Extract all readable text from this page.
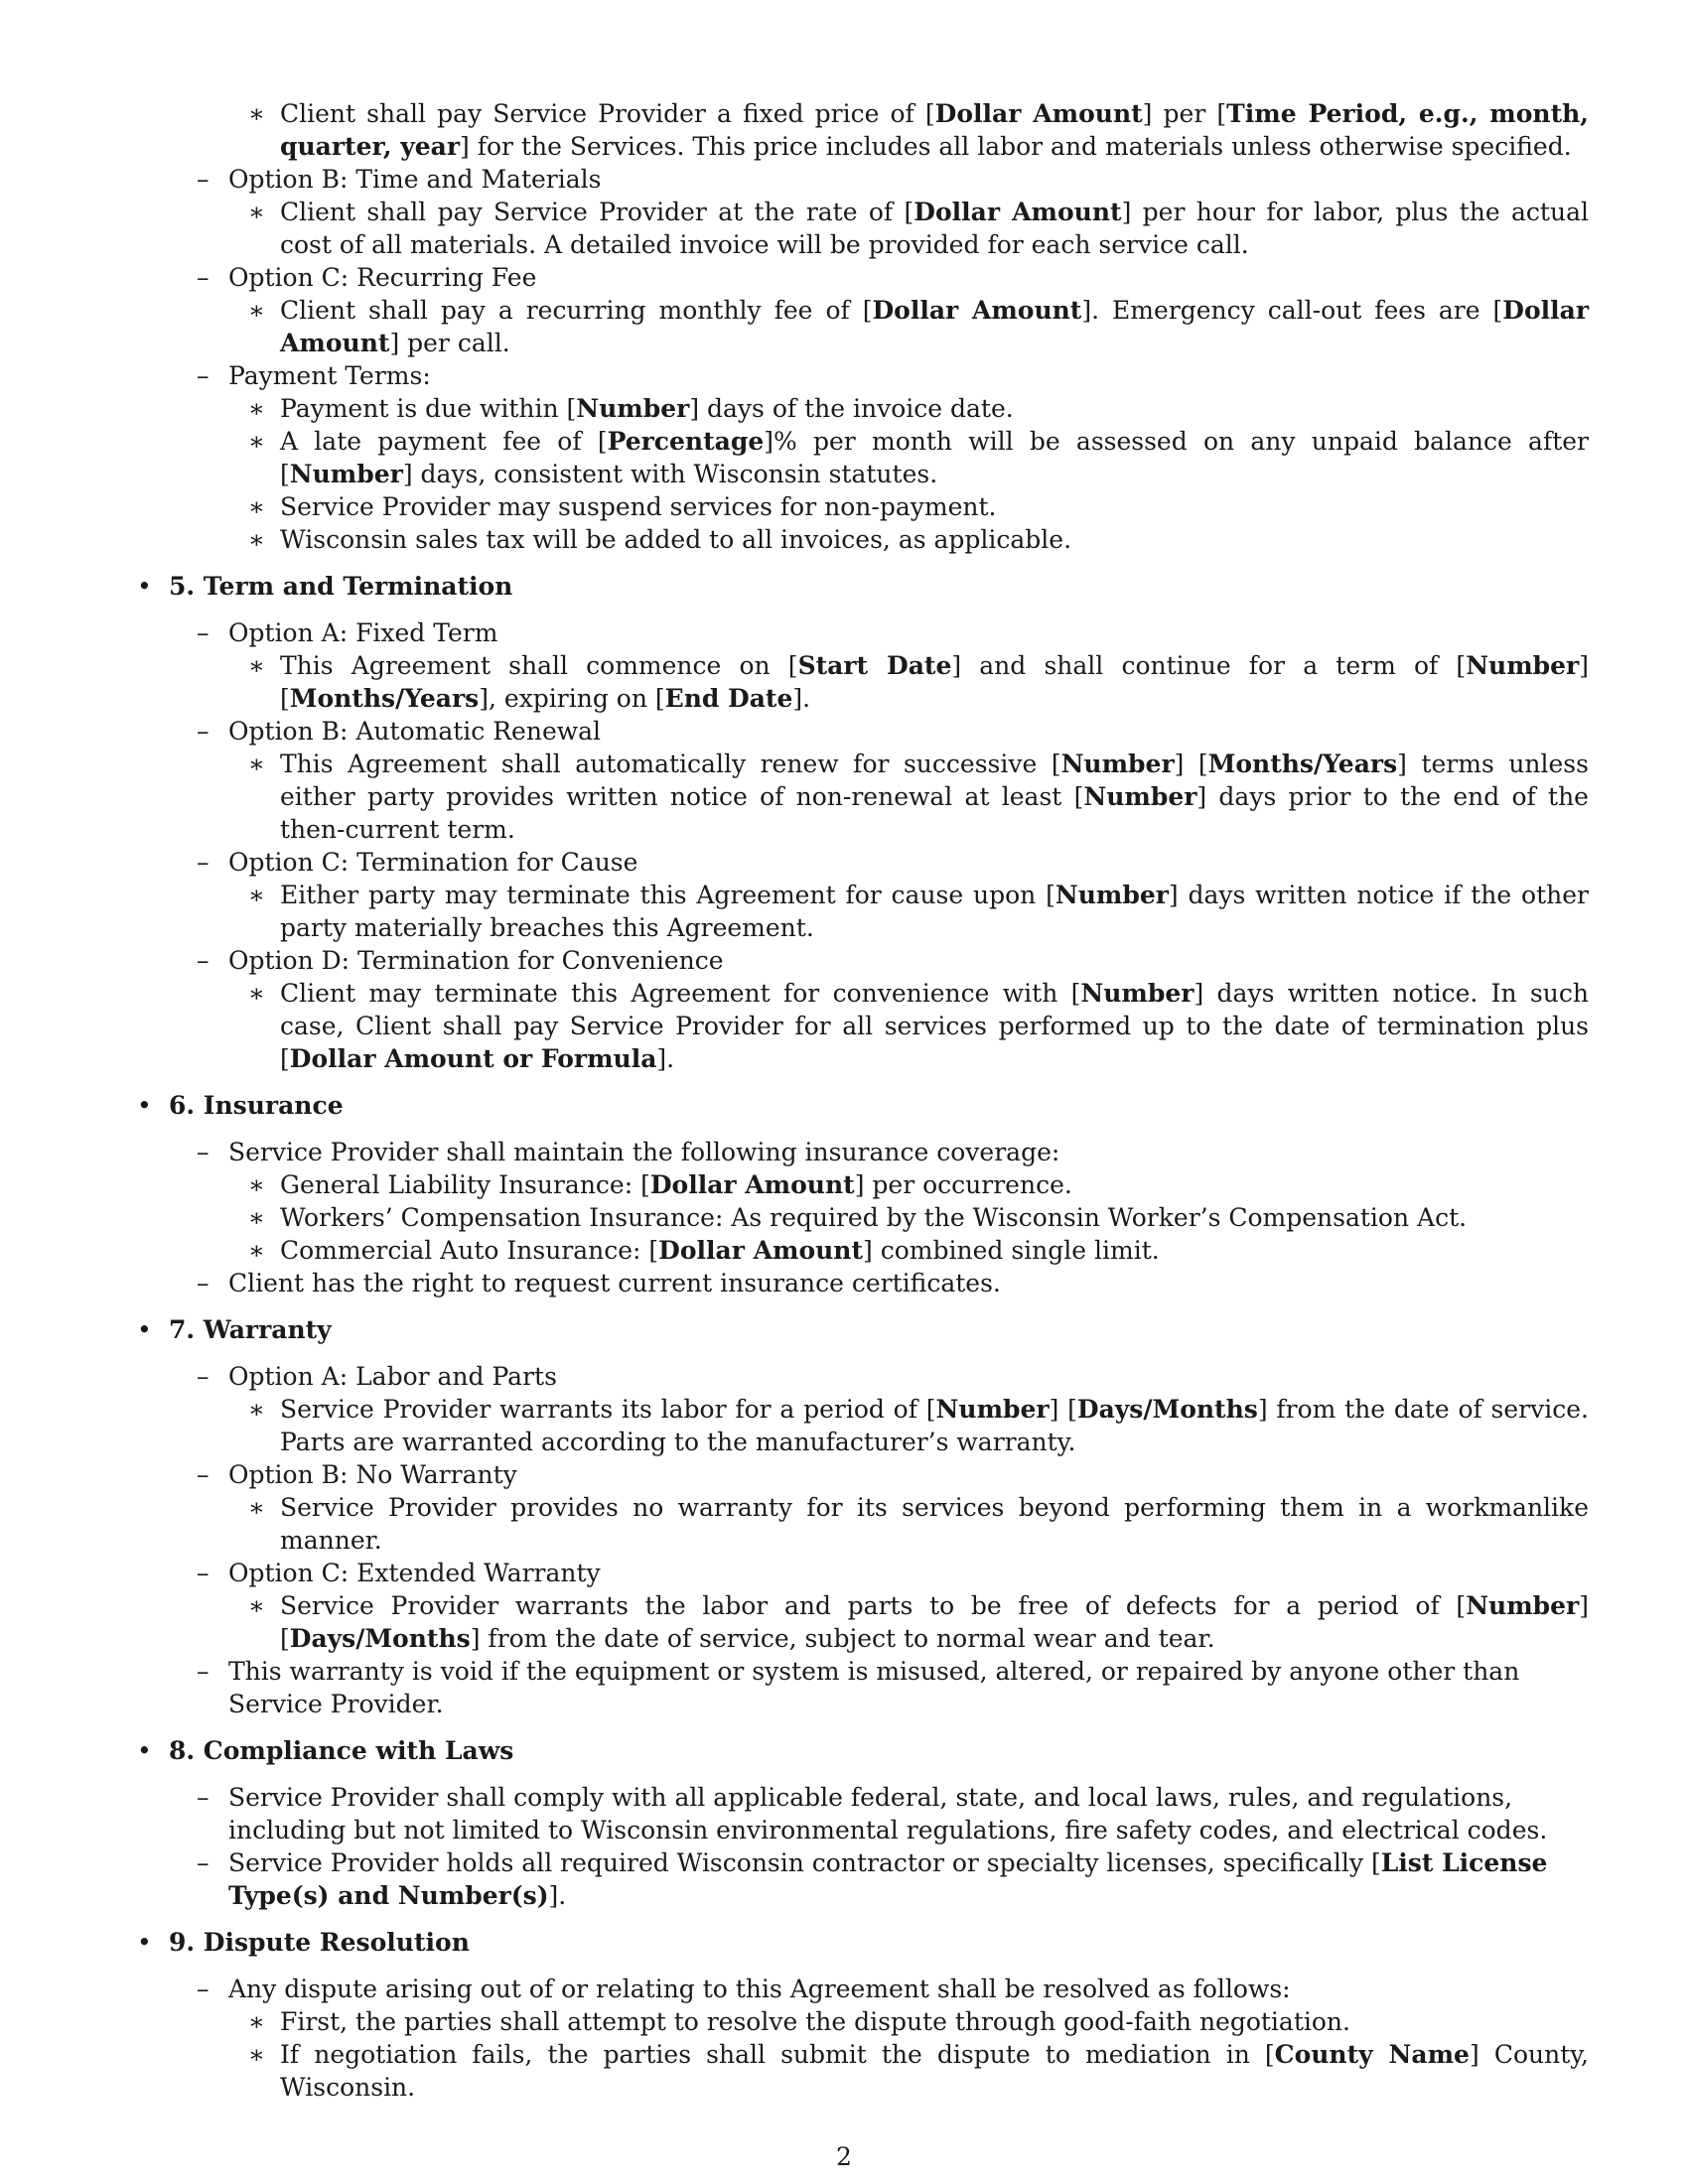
∗ Client shall pay Service Provider a fixed price of [Dollar Amount] per [Time Period, e.g., month, quarter, year] for the Services. This price includes all labor and materials unless otherwise specified.
– Option B: Time and Materials
∗ Client shall pay Service Provider at the rate of [Dollar Amount] per hour for labor, plus the actual cost of all materials. A detailed invoice will be provided for each service call.
– Option C: Recurring Fee
∗ Client shall pay a recurring monthly fee of [Dollar Amount]. Emergency call-out fees are [Dollar Amount] per call.
– Payment Terms:
∗ Payment is due within [Number] days of the invoice date.
∗ A late payment fee of [Percentage]% per month will be assessed on any unpaid balance after [Number] days, consistent with Wisconsin statutes.
∗ Service Provider may suspend services for non-payment.
∗ Wisconsin sales tax will be added to all invoices, as applicable.
• 5. Term and Termination
– Option A: Fixed Term
∗ This Agreement shall commence on [Start Date] and shall continue for a term of [Number] [Months/Years], expiring on [End Date].
– Option B: Automatic Renewal
∗ This Agreement shall automatically renew for successive [Number] [Months/Years] terms unless either party provides written notice of non-renewal at least [Number] days prior to the end of the then-current term.
– Option C: Termination for Cause
∗ Either party may terminate this Agreement for cause upon [Number] days written notice if the other party materially breaches this Agreement.
– Option D: Termination for Convenience
∗ Client may terminate this Agreement for convenience with [Number] days written notice. In such case, Client shall pay Service Provider for all services performed up to the date of termination plus [Dollar Amount or Formula].
• 6. Insurance
– Service Provider shall maintain the following insurance coverage:
∗ General Liability Insurance: [Dollar Amount] per occurrence.
∗ Workers’ Compensation Insurance: As required by the Wisconsin Worker’s Compensation Act.
∗ Commercial Auto Insurance: [Dollar Amount] combined single limit.
– Client has the right to request current insurance certificates.
• 7. Warranty
– Option A: Labor and Parts
∗ Service Provider warrants its labor for a period of [Number] [Days/Months] from the date of service. Parts are warranted according to the manufacturer’s warranty.
– Option B: No Warranty
∗ Service Provider provides no warranty for its services beyond performing them in a workmanlike manner.
– Option C: Extended Warranty
∗ Service Provider warrants the labor and parts to be free of defects for a period of [Number] [Days/Months] from the date of service, subject to normal wear and tear.
– This warranty is void if the equipment or system is misused, altered, or repaired by anyone other than Service Provider.
• 8. Compliance with Laws
– Service Provider shall comply with all applicable federal, state, and local laws, rules, and regulations, including but not limited to Wisconsin environmental regulations, fire safety codes, and electrical codes.
– Service Provider holds all required Wisconsin contractor or specialty licenses, specifically [List License Type(s) and Number(s)].
• 9. Dispute Resolution
– Any dispute arising out of or relating to this Agreement shall be resolved as follows:
∗ First, the parties shall attempt to resolve the dispute through good-faith negotiation.
∗ If negotiation fails, the parties shall submit the dispute to mediation in [County Name] County, Wisconsin.
2
